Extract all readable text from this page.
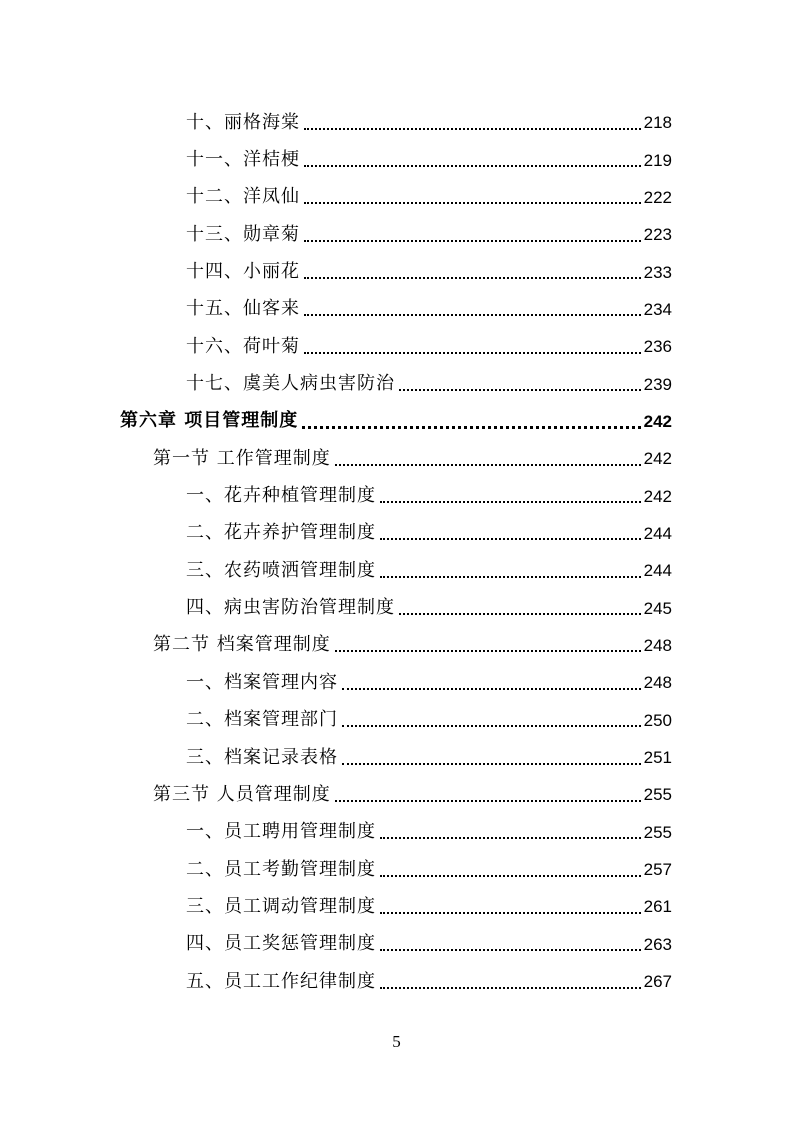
十、丽格海棠	218
十一、洋桔梗	219
十二、洋凤仙	222
十三、勋章菊	223
十四、小丽花	233
十五、仙客来	234
十六、荷叶菊	236
十七、虞美人病虫害防治	239
第六章 项目管理制度	242
第一节 工作管理制度	242
一、花卉种植管理制度	242
二、花卉养护管理制度	244
三、农药喷洒管理制度	244
四、病虫害防治管理制度	245
第二节 档案管理制度	248
一、档案管理内容	248
二、档案管理部门	250
三、档案记录表格	251
第三节 人员管理制度	255
一、员工聘用管理制度	255
二、员工考勤管理制度	257
三、员工调动管理制度	261
四、员工奖惩管理制度	263
五、员工工作纪律制度	267
5
